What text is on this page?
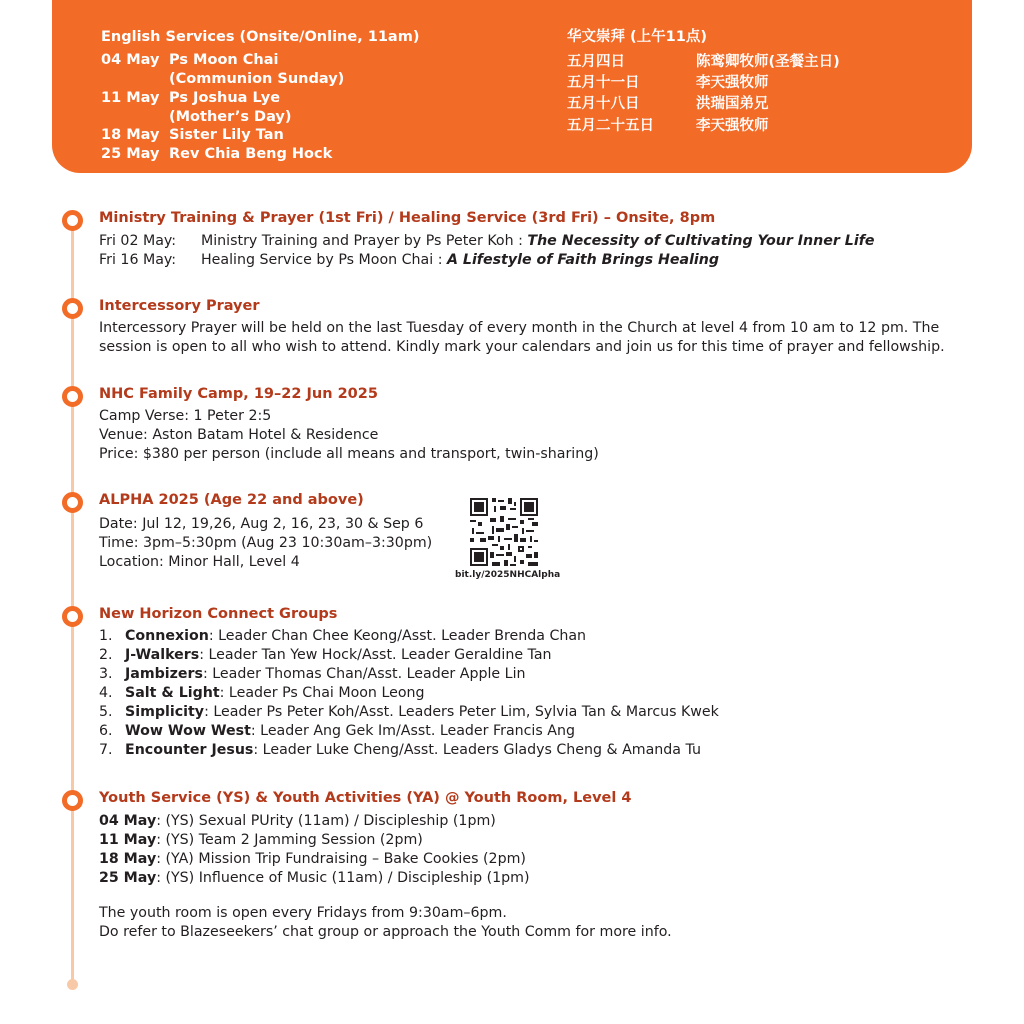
English Services (Onsite/Online, 11am)
04 May Ps Moon Chai
(Communion Sunday)
11 May Ps Joshua Lye
(Mother’s Day)
18 May Sister Lily Tan
25 May Rev Chia Beng Hock
华文崇拜 (上午11点)
五月四日	陈鸾卿牧师(圣餐主日)
五月十一日	李天强牧师
五月十八日	洪瑞国弟兄
五月二十五日	李天强牧师
Ministry Training & Prayer (1st Fri) / Healing Service (3rd Fri) – Onsite, 8pm
Fri 02 May: Ministry Training and Prayer by Ps Peter Koh : The Necessity of Cultivating Your Inner Life
Fri 16 May: Healing Service by Ps Moon Chai : A Lifestyle of Faith Brings Healing
Intercessory Prayer
Intercessory Prayer will be held on the last Tuesday of every month in the Church at level 4 from 10 am to 12 pm. The
session is open to all who wish to attend. Kindly mark your calendars and join us for this time of prayer and fellowship.
NHC Family Camp, 19–22 Jun 2025
Camp Verse: 1 Peter 2:5
Venue: Aston Batam Hotel & Residence
Price: $380 per person (include all means and transport, twin-sharing)
ALPHA 2025 (Age 22 and above)
Date: Jul 12, 19,26, Aug 2, 16, 23, 30 & Sep 6
Time: 3pm–5:30pm (Aug 23 10:30am–3:30pm)
Location: Minor Hall, Level 4
bit.ly/2025NHCAlpha
New Horizon Connect Groups
1. Connexion: Leader Chan Chee Keong/Asst. Leader Brenda Chan
2. J-Walkers: Leader Tan Yew Hock/Asst. Leader Geraldine Tan
3. Jambizers: Leader Thomas Chan/Asst. Leader Apple Lin
4. Salt & Light: Leader Ps Chai Moon Leong
5. Simplicity: Leader Ps Peter Koh/Asst. Leaders Peter Lim, Sylvia Tan & Marcus Kwek
6. Wow Wow West: Leader Ang Gek Im/Asst. Leader Francis Ang
7. Encounter Jesus: Leader Luke Cheng/Asst. Leaders Gladys Cheng & Amanda Tu
Youth Service (YS) & Youth Activities (YA) @ Youth Room, Level 4
04 May: (YS) Sexual PUrity (11am) / Discipleship (1pm)
11 May: (YS) Team 2 Jamming Session (2pm)
18 May: (YA) Mission Trip Fundraising – Bake Cookies (2pm)
25 May: (YS) Influence of Music (11am) / Discipleship (1pm)
The youth room is open every Fridays from 9:30am–6pm.
Do refer to Blazeseekers’ chat group or approach the Youth Comm for more info.
